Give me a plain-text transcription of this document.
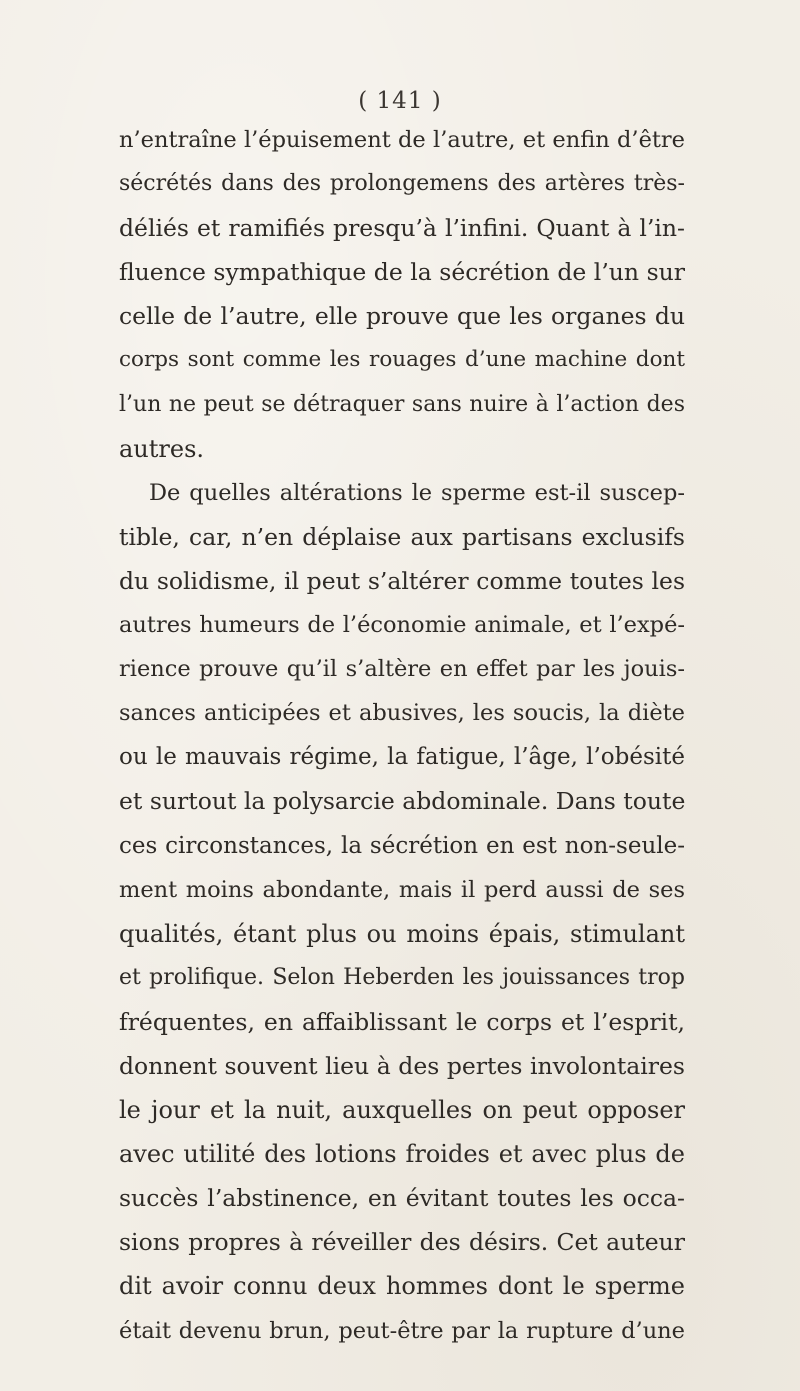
( 141 )
n’entraîne l’épuisement de l’autre, et enfin d’être
sécrétés dans des prolongemens des artères très-
déliés et ramifiés presqu’à l’infini. Quant à l’in-
fluence sympathique de la sécrétion de l’un sur
celle de l’autre, elle prouve que les organes du
corps sont comme les rouages d’une machine dont
l’un ne peut se détraquer sans nuire à l’action des
autres.
De quelles altérations le sperme est-il suscep-
tible, car, n’en déplaise aux partisans exclusifs
du solidisme, il peut s’altérer comme toutes les
autres humeurs de l’économie animale, et l’expé-
rience prouve qu’il s’altère en effet par les jouis-
sances anticipées et abusives, les soucis, la diète
ou le mauvais régime, la fatigue, l’âge, l’obésité
et surtout la polysarcie abdominale. Dans toute
ces circonstances, la sécrétion en est non-seule-
ment moins abondante, mais il perd aussi de ses
qualités, étant plus ou moins épais, stimulant
et prolifique. Selon Heberden les jouissances trop
fréquentes, en affaiblissant le corps et l’esprit,
donnent souvent lieu à des pertes involontaires
le jour et la nuit, auxquelles on peut opposer
avec utilité des lotions froides et avec plus de
succès l’abstinence, en évitant toutes les occa-
sions propres à réveiller des désirs. Cet auteur
dit avoir connu deux hommes dont le sperme
était devenu brun, peut-être par la rupture d’une
